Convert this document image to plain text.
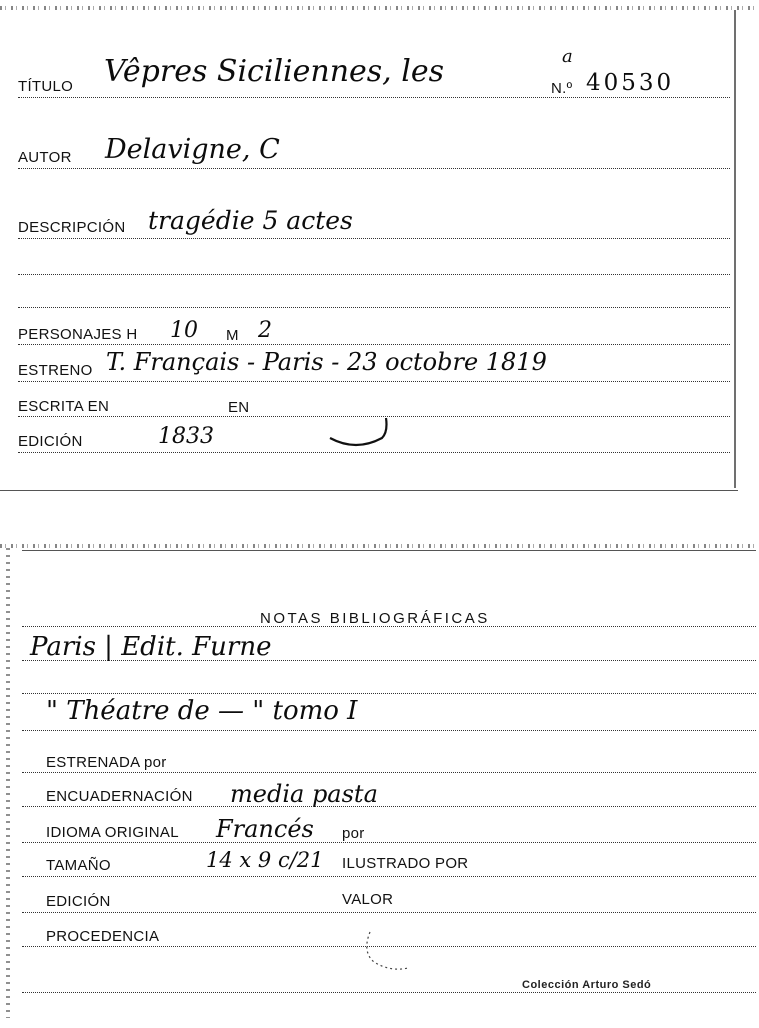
TÍTULO Vêpres Siciliennes, les	a
N.º 40530
AUTOR Delavigne, C
DESCRIPCIÓN tragédie 5 actes
PERSONAJES H 10 M 2
ESTRENO T. Français - Paris - 23 octobre 1819
ESCRITA EN	EN
EDICIÓN	1833
NOTAS BIBLIOGRÁFICAS
Paris | Edit. Furne
" Théatre de — " tomo I
ESTRENADA por
ENCUADERNACIÓN media pasta
IDIOMA ORIGINAL Francés por
TAMAÑO	14 x 9 c/21 ILUSTRADO POR
EDICIÓN	VALOR
PROCEDENCIA
Colección Arturo Sedó
